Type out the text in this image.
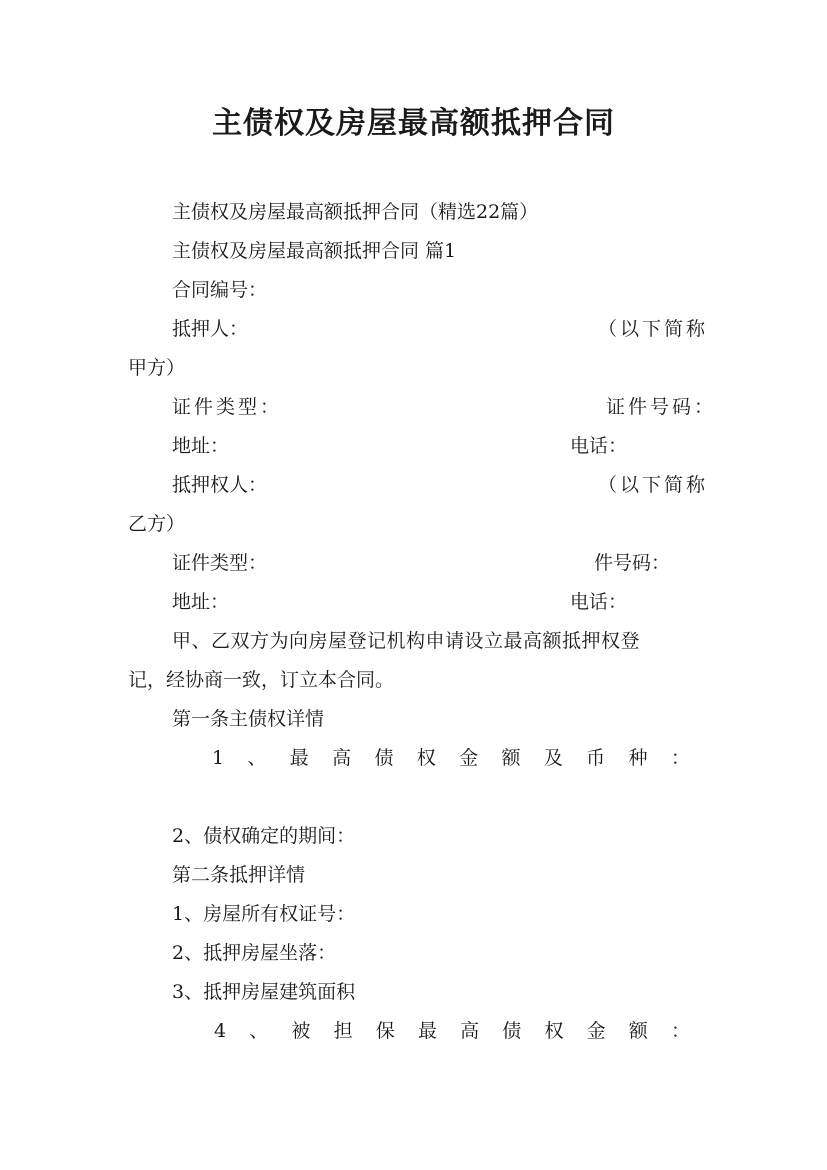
主债权及房屋最高额抵押合同
主债权及房屋最高额抵押合同（精选22篇）
主债权及房屋最高额抵押合同 篇1
合同编号：
抵押人：	（以下简称
甲方）
证件类型：	证件号码：
地址：	电话：
抵押权人：	（以下简称
乙方）
证件类型：	件号码：
地址：	电话：
甲、乙双方为向房屋登记机构申请设立最高额抵押权登
记，经协商一致，订立本合同。
第一条主债权详情
1 、 最 高 债 权 金 额 及 币 种 ：
2、债权确定的期间：
第二条抵押详情
1、房屋所有权证号：
2、抵押房屋坐落：
3、抵押房屋建筑面积
4 、 被 担 保 最 高 债 权 金 额 ：
